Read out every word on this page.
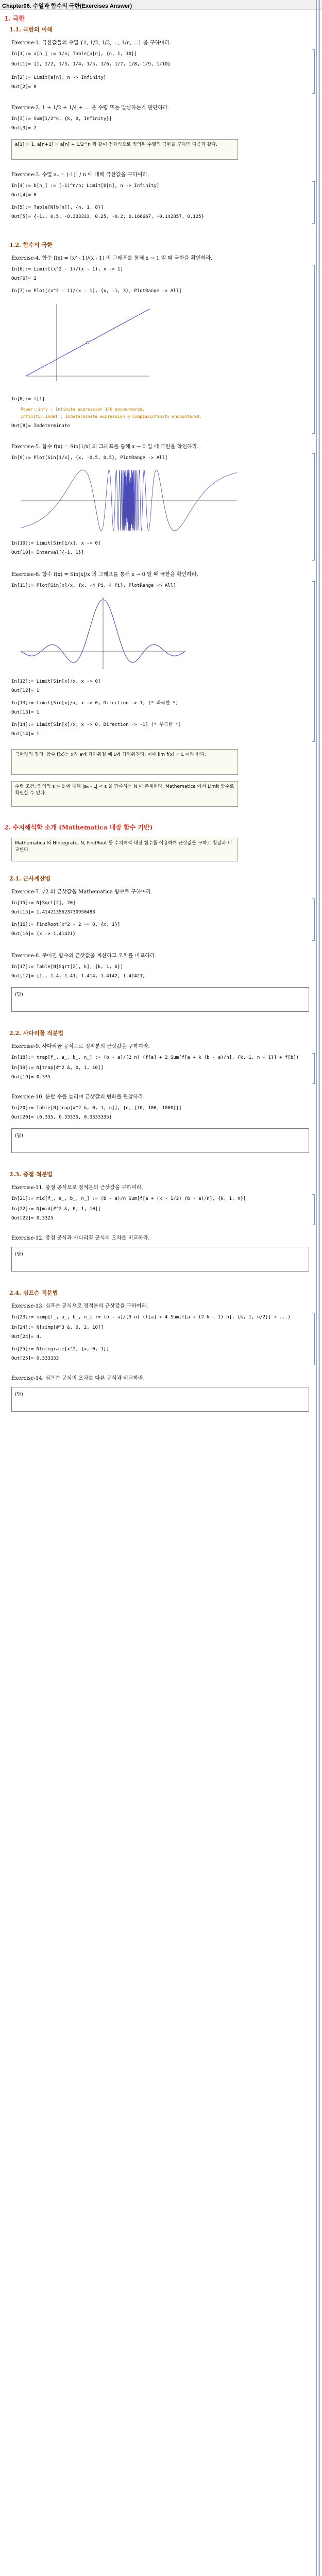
Chapter06. 수열과 함수의 극한(Exercises Answer)
1. 극한
1.1. 극한의 이해
Exercise-1. 극한값들의 수열 {1, 1/2, 1/3, …, 1/n, …} 을 구하여라.
In[1]:= a[n_] := 1/n; Table[a[n], {n, 1, 10}]
Out[1]= {1, 1/2, 1/3, 1/4, 1/5, 1/6, 1/7, 1/8, 1/9, 1/10}
In[2]:= Limit[a[n], n -> Infinity]
Out[2]= 0
Exercise-2. 1 + 1/2 + 1/4 + … 은 수렴 또는 발산하는가 판단하라.
In[3]:= Sum[1/2^k, {k, 0, Infinity}]
Out[3]= 2
a[1] = 1, a[n+1] = a[n] + 1/2^n 과 같이 점화식으로 정의된 수열의 극한을 구하면 다음과 같다.
Exercise-3. 수열 aₙ = (-1)ⁿ / n 에 대해 극한값을 구하여라.
In[4]:= b[n_] := (-1)^n/n; Limit[b[n], n -> Infinity]
Out[4]= 0
In[5]:= Table[N[b[n]], {n, 1, 8}]
Out[5]= {-1., 0.5, -0.333333, 0.25, -0.2, 0.166667, -0.142857, 0.125}
1.2. 함수의 극한
Exercise-4. 함수 f(x) = (x² - 1)/(x - 1) 의 그래프를 통해 x → 1 일 때 극한을 확인하라.
In[6]:= Limit[(x^2 - 1)/(x - 1), x -> 1]
Out[6]= 2
In[7]:= Plot[(x^2 - 1)/(x - 1), {x, -1, 3}, PlotRange -> All]
In[8]:= f[1]
Power::infy : Infinite expression 1/0 encountered.
Infinity::indet : Indeterminate expression 0 ComplexInfinity encountered.
Out[8]= Indeterminate
Exercise-5. 함수 f(x) = Sin[1/x] 의 그래프를 통해 x → 0 일 때 극한을 확인하라.
In[9]:= Plot[Sin[1/x], {x, -0.5, 0.5}, PlotRange -> All]
In[10]:= Limit[Sin[1/x], x -> 0]
Out[10]= Interval[{-1, 1}]
Exercise-6. 함수 f(x) = Sin[x]/x 의 그래프를 통해 x → 0 일 때 극한을 확인하라.
In[11]:= Plot[Sin[x]/x, {x, -4 Pi, 4 Pi}, PlotRange -> All]
In[12]:= Limit[Sin[x]/x, x -> 0]
Out[12]= 1
In[13]:= Limit[Sin[x]/x, x -> 0, Direction -> 1] (* 좌극한 *)
Out[13]= 1
In[14]:= Limit[Sin[x]/x, x -> 0, Direction -> -1] (* 우극한 *)
Out[14]= 1
극한값의 정의: 함수 f(x)는 x가 a에 가까워질 때 L에 가까워진다. 이때 lim f(x) = L 이라 한다.
수렴 조건: 임의의 ε > 0 에 대해 |aₙ - L| < ε 을 만족하는 N 이 존재한다. Mathematica 에서 Limit 함수로 확인할 수 있다.
2. 수치해석학 소개 (Mathematica 내장 함수 기반)
Mathematica 의 NIntegrate, N, FindRoot 등 수치해석 내장 함수를 이용하여 근삿값을 구하고 참값과 비교한다.
2.1. 근사계산법
Exercise-7. √2 의 근삿값을 Mathematica 함수로 구하여라.
In[15]:= N[Sqrt[2], 20]
Out[15]= 1.4142135623730950488
In[16]:= FindRoot[x^2 - 2 == 0, {x, 1}]
Out[16]= {x -> 1.41421}
Exercise-8. 주어진 함수의 근삿값을 계산하고 오차를 비교하라.
In[17]:= Table[N[Sqrt[2], k], {k, 1, 6}]
Out[17]= {1., 1.4, 1.41, 1.414, 1.4142, 1.41421}
(답)
2.2. 사다리꼴 적분법
Exercise-9. 사다리꼴 공식으로 정적분의 근삿값을 구하여라.
In[18]:= trap[f_, a_, b_, n_] := (b - a)/(2 n) (f[a] + 2 Sum[f[a + k (b - a)/n], {k, 1, n - 1}] + f[b])
In[19]:= N[trap[#^2 &, 0, 1, 10]]
Out[19]= 0.335
Exercise-10. 분할 수를 늘리며 근삿값의 변화를 관찰하라.
In[20]:= Table[N[trap[#^2 &, 0, 1, n]], {n, {10, 100, 1000}}]
Out[20]= {0.335, 0.33335, 0.3333335}
(답)
2.3. 중점 적분법
Exercise-11. 중점 공식으로 정적분의 근삿값을 구하여라.
In[21]:= mid[f_, a_, b_, n_] := (b - a)/n Sum[f[a + (k - 1/2) (b - a)/n], {k, 1, n}]
In[22]:= N[mid[#^2 &, 0, 1, 10]]
Out[22]= 0.3325
Exercise-12. 중점 공식과 사다리꼴 공식의 오차를 비교하라.
(답)
2.4. 심프슨 적분법
Exercise-13. 심프슨 공식으로 정적분의 근삿값을 구하여라.
In[23]:= simp[f_, a_, b_, n_] := (b - a)/(3 n) (f[a] + 4 Sum[f[a + (2 k - 1) h], {k, 1, n/2}] + ...)
In[24]:= N[simp[#^3 &, 0, 2, 10]]
Out[24]= 4.
In[25]:= NIntegrate[x^2, {x, 0, 1}]
Out[25]= 0.333333
Exercise-14. 심프슨 공식의 오차를 다른 공식과 비교하라.
(답)
